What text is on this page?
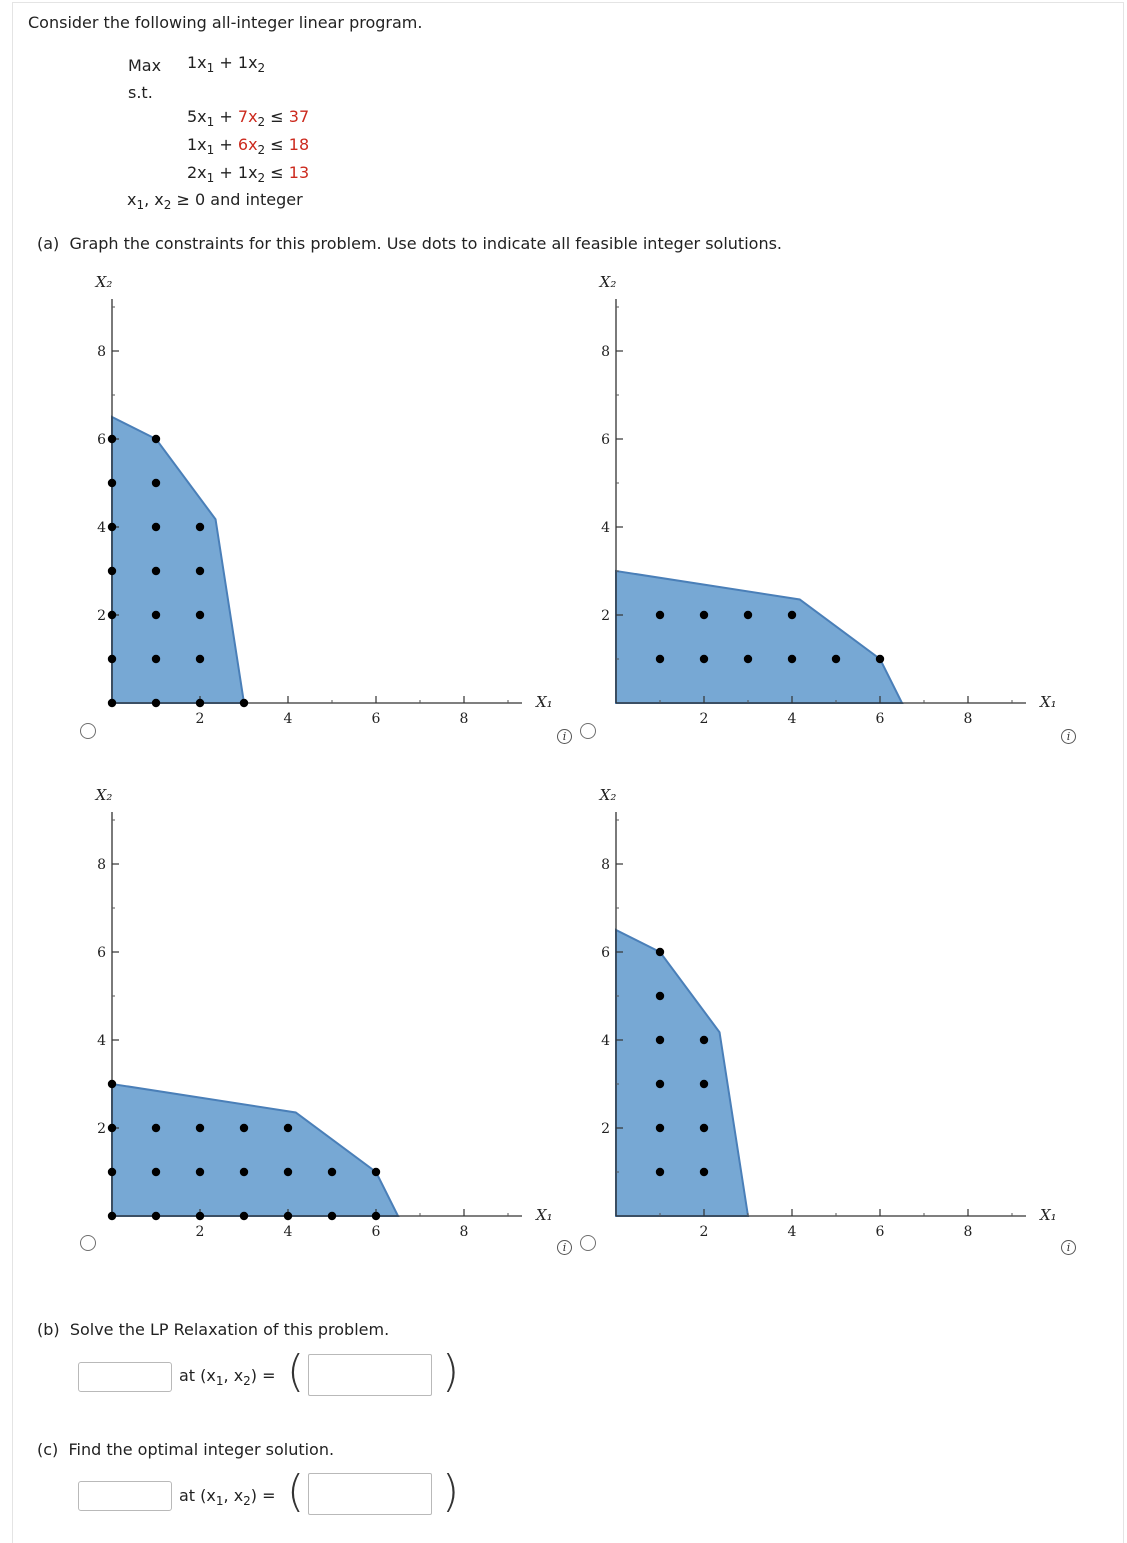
Consider the following all-integer linear program.
Max $1x_1 + 1x_2$
s.t.
$5x_1 + 7x_2 \le 37$
$1x_1 + 6x_2 \le 18$
$2x_1 + 1x_2 \le 13$
$x_1$, $x_2 \ge 0$ and integer
(a) Graph the constraints for this problem. Use dots to indicate all feasible integer solutions.
2	4	6	8
2
4
6
8
X₁
X₂
2	4	6	8
2
4
6
8
X₁
X₂
2	4	6	8
2
4
6
8
X₁
X₂
2	4	6	8
2
4
6
8
X₁
X₂
i	i
i	i
(b) Solve the LP Relaxation of this problem.
at ($x_1$, $x_2$) = (	)
(c) Find the optimal integer solution.
at ($x_1$, $x_2$) = (	)
